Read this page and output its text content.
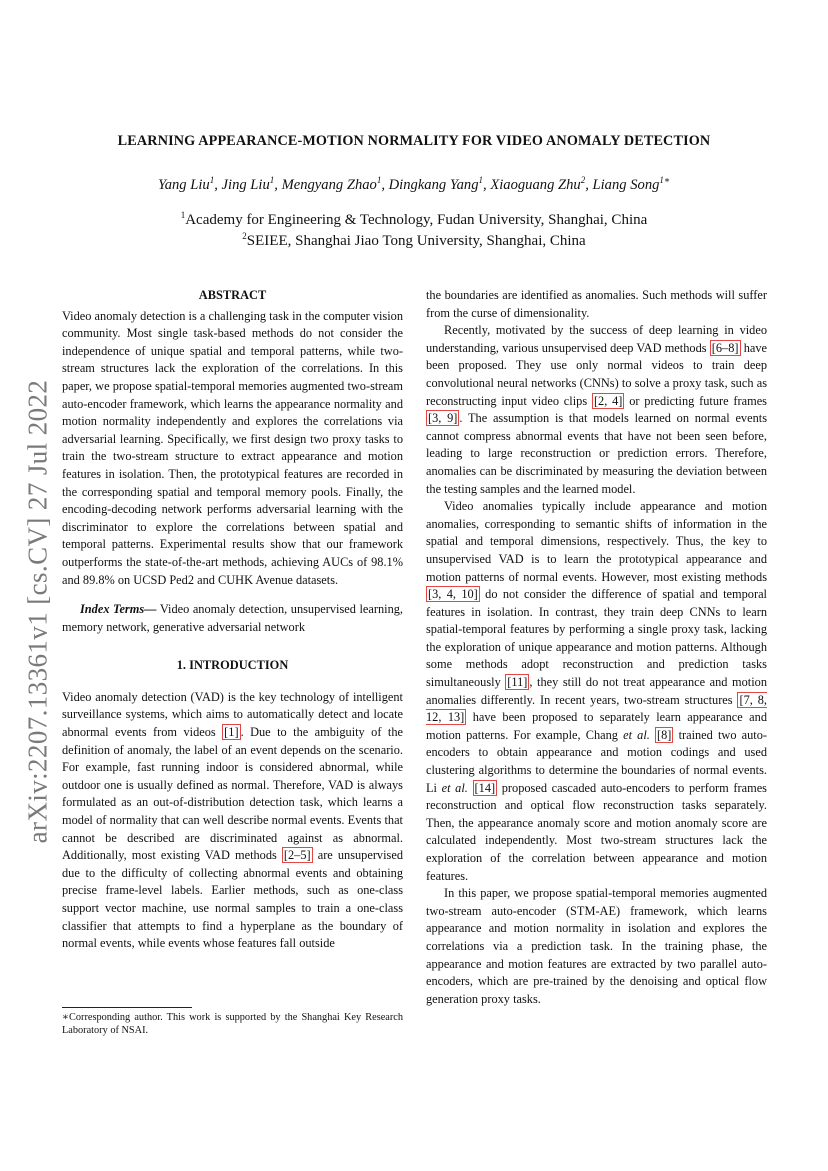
arXiv:2207.13361v1 [cs.CV] 27 Jul 2022
LEARNING APPEARANCE-MOTION NORMALITY FOR VIDEO ANOMALY DETECTION
Yang Liu$^1$, Jing Liu$^1$, Mengyang Zhao$^1$, Dingkang Yang$^1$, Xiaoguang Zhu$^2$, Liang Song$^{1∗}$
$^1$Academy for Engineering & Technology, Fudan University, Shanghai, China
$^2$SEIEE, Shanghai Jiao Tong University, Shanghai, China

ABSTRACT

Video anomaly detection is a challenging task in the computer vision community. Most single task-based methods do not consider the independence of unique spatial and temporal patterns, while two-stream structures lack the exploration of the correlations. In this paper, we propose spatial-temporal memories augmented two-stream auto-encoder framework, which learns the appearance normality and motion normality independently and explores the correlations via adversarial learning. Specifically, we first design two proxy tasks to train the two-stream structure to extract appearance and motion features in isolation. Then, the prototypical features are recorded in the corresponding spatial and temporal memory pools. Finally, the encoding-decoding network performs adversarial learning with the discriminator to explore the correlations between spatial and temporal patterns. Experimental results show that our framework outperforms the state-of-the-art methods, achieving AUCs of 98.1% and 89.8% on UCSD Ped2 and CUHK Avenue datasets.

Index Terms— Video anomaly detection, unsupervised learning, memory network, generative adversarial network

1. INTRODUCTION

Video anomaly detection (VAD) is the key technology of intelligent surveillance systems, which aims to automatically detect and locate abnormal events from videos [1] . Due to the ambiguity of the definition of anomaly, the label of an event depends on the scenario. For example, fast running indoor is considered abnormal, while outdoor one is usually defined as normal. Therefore, VAD is always formulated as an out-of-distribution detection task, which learns a model of normality that can well describe normal events. Events that cannot be described are discriminated against as abnormal. Additionally, most existing VAD methods [2–5] are unsupervised due to the difficulty of collecting abnormal events and obtaining precise frame-level labels. Earlier methods, such as one-class support vector machine, use normal samples to train a one-class classifier that attempts to find a hyperplane as the boundary of normal events, while events whose features fall outside

∗Corresponding author. This work is supported by the Shanghai Key Research Laboratory of NSAI.

the boundaries are identified as anomalies. Such methods will suffer from the curse of dimensionality.

Recently, motivated by the success of deep learning in video understanding, various unsupervised deep VAD methods [6–8] have been proposed. They use only normal videos to train deep convolutional neural networks (CNNs) to solve a proxy task, such as reconstructing input video clips [2, 4] or predicting future frames [3, 9] . The assumption is that models learned on normal events cannot compress abnormal events that have not been seen before, leading to large reconstruction or prediction errors. Therefore, anomalies can be discriminated by measuring the deviation between the testing samples and the learned model.

Video anomalies typically include appearance and motion anomalies, corresponding to semantic shifts of information in the spatial and temporal dimensions, respectively. Thus, the key to unsupervised VAD is to learn the prototypical appearance and motion patterns of normal events. However, most existing methods [3, 4, 10] do not consider the difference of spatial and temporal features in isolation. In contrast, they train deep CNNs to learn spatial-temporal features by performing a single proxy task, lacking the exploration of unique appearance and motion patterns. Although some methods adopt reconstruction and prediction tasks simultaneously [11] , they still do not treat appearance and motion anomalies differently. In recent years, two-stream structures [7, 8, 12, 13] have been proposed to separately learn appearance and motion patterns. For example, Chang et al. [8] trained two auto-encoders to obtain appearance and motion codings and used clustering algorithms to determine the boundaries of normal events. Li et al. [14] proposed cascaded auto-encoders to perform frames reconstruction and optical flow reconstruction tasks separately. Then, the appearance anomaly score and motion anomaly score are calculated independently. Most two-stream structures lack the exploration of the correlation between appearance and motion features.

In this paper, we propose spatial-temporal memories augmented two-stream auto-encoder (STM-AE) framework, which learns appearance and motion normality in isolation and explores the correlations via a prediction task. In the training phase, the appearance and motion features are extracted by two parallel auto-encoders, which are pre-trained by the denoising and optical flow generation proxy tasks.
